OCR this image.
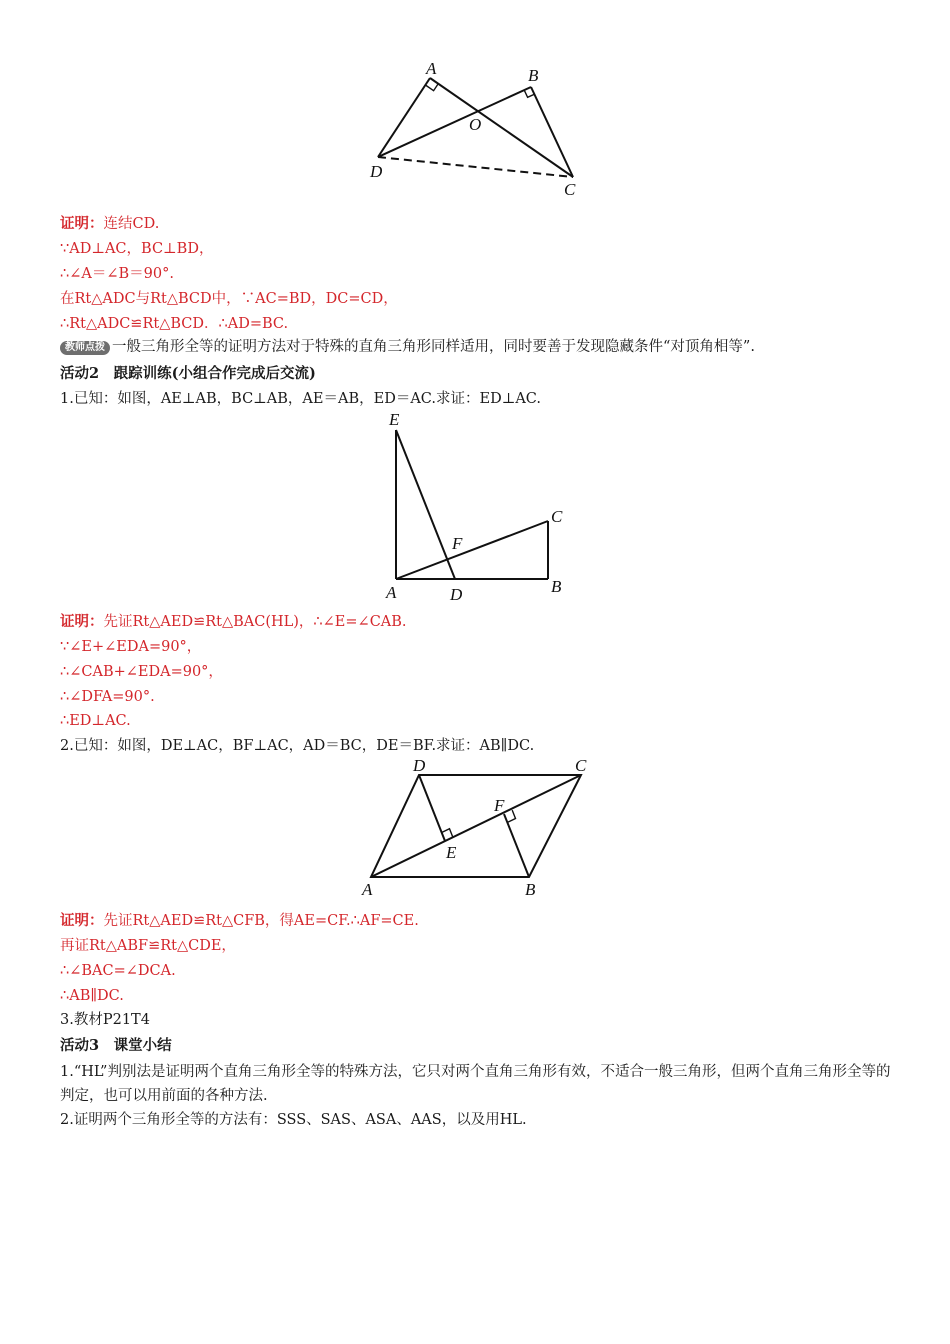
A	B
O
D
C
证明：连结CD.
∵AD⊥AC，BC⊥BD，
∴∠A＝∠B＝90°.
在Rt△ADC与Rt△BCD中，∵AC=BD，DC=CD，
∴Rt△ADC≌Rt△BCD．∴AD=BC.
教师点拨 一般三角形全等的证明方法对于特殊的直角三角形同样适用，同时要善于发现隐藏条件“对顶角相等”.
活动2　跟踪训练(小组合作完成后交流)
1.已知：如图，AE⊥AB，BC⊥AB，AE＝AB，ED＝AC.求证：ED⊥AC.
E
C
F
A	D	B
证明：先证Rt△AED≌Rt△BAC(HL)，∴∠E=∠CAB.
∵∠E+∠EDA=90°，
∴∠CAB+∠EDA=90°，
∴∠DFA=90°.
∴ED⊥AC.
2.已知：如图，DE⊥AC，BF⊥AC，AD＝BC，DE＝BF.求证：AB∥DC.
D	C
F
E
A	B
证明：先证Rt△AED≌Rt△CFB，得AE=CF.∴AF=CE.
再证Rt△ABF≌Rt△CDE，
∴∠BAC=∠DCA.
∴AB∥DC.
3.教材P21T4
活动3　课堂小结
1.“HL”判别法是证明两个直角三角形全等的特殊方法，它只对两个直角三角形有效，不适合一般三角形，但两个直角三角形全等的判定，也可以用前面的各种方法.
2.证明两个三角形全等的方法有：SSS、SAS、ASA、AAS，以及用HL.
